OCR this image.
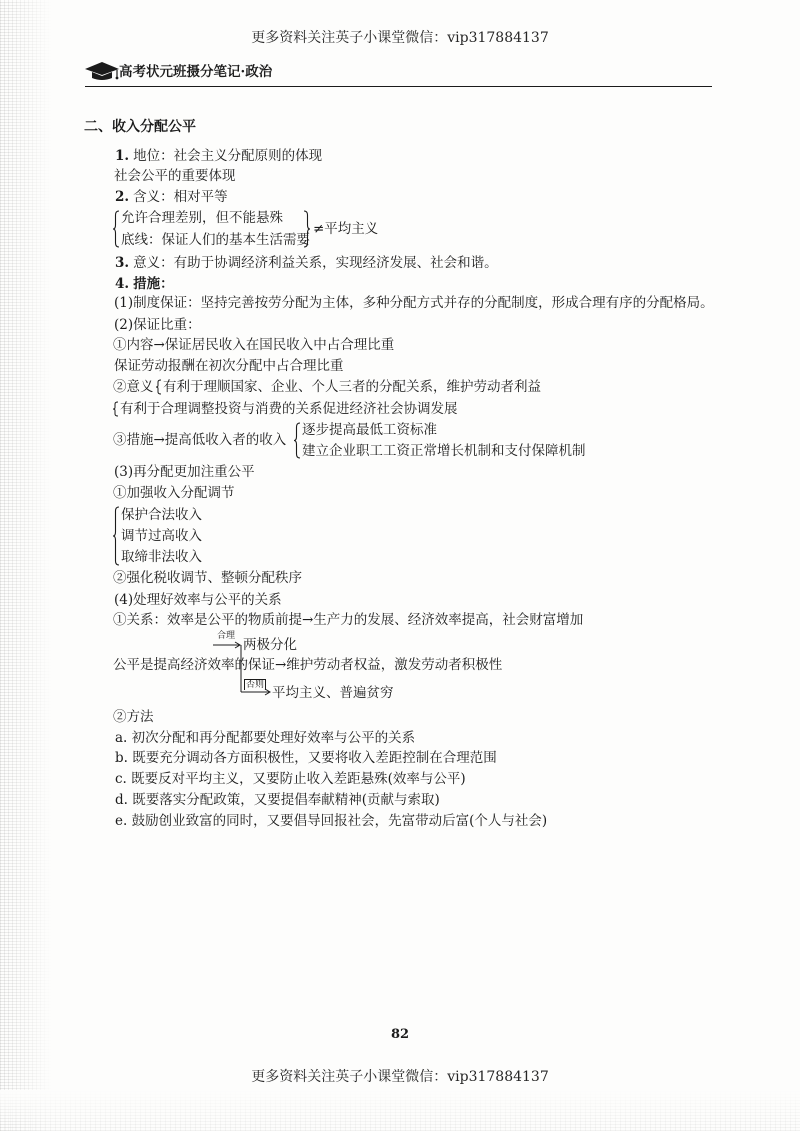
更多资料关注英子小课堂微信：vip317884137
高考状元班摄分笔记·政治
二、收入分配公平
1. 地位：社会主义分配原则的体现
社会公平的重要体现
2. 含义：相对平等
允许合理差别，但不能悬殊
底线：保证人们的基本生活需要
≠平均主义
3. 意义：有助于协调经济利益关系，实现经济发展、社会和谐。
4. 措施：
(1)制度保证：坚持完善按劳分配为主体，多种分配方式并存的分配制度，形成合理有序的分配格局。
(2)保证比重：
①内容→保证居民收入在国民收入中占合理比重
保证劳动报酬在初次分配中占合理比重
②意义 有利于理顺国家、企业、个人三者的分配关系，维护劳动者利益
有利于合理调整投资与消费的关系促进经济社会协调发展
③措施→提高低收入者的收入
逐步提高最低工资标准
建立企业职工工资正常增长机制和支付保障机制
(3)再分配更加注重公平
①加强收入分配调节
保护合法收入
调节过高收入
取缔非法收入
②强化税收调节、整顿分配秩序
(4)处理好效率与公平的关系
①关系：效率是公平的物质前提→生产力的发展、经济效率提高，社会财富增加
合理
两极分化
公平是提高经济效率的保证→维护劳动者权益，激发劳动者积极性
否则 平均主义、普遍贫穷
②方法
a. 初次分配和再分配都要处理好效率与公平的关系
b. 既要充分调动各方面积极性，又要将收入差距控制在合理范围
c. 既要反对平均主义，又要防止收入差距悬殊(效率与公平)
d. 既要落实分配政策，又要提倡奉献精神(贡献与索取)
e. 鼓励创业致富的同时，又要倡导回报社会，先富带动后富(个人与社会)
82
更多资料关注英子小课堂微信：vip317884137
